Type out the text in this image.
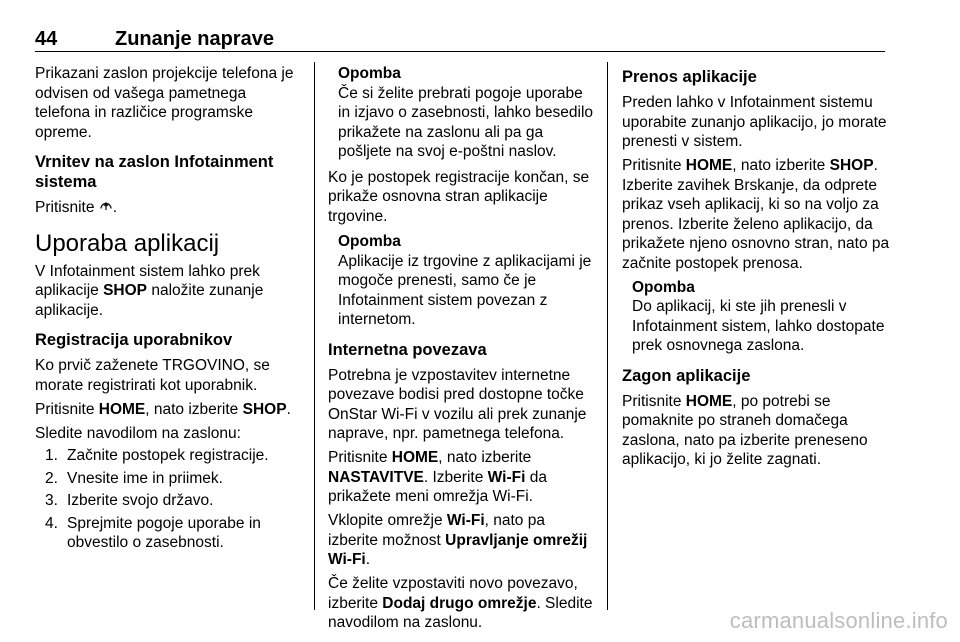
44	Zunanje naprave

Prikazani zaslon projekcije telefona je odvisen od vašega pametnega telefona in različice programske opreme.

Vrnitev na zaslon Infotainment sistema

Pritisnite .

Uporaba aplikacij

V Infotainment sistem lahko prek aplikacije SHOP naložite zunanje aplikacije.

Registracija uporabnikov

Ko prvič zaženete TRGOVINO, se morate registrirati kot uporabnik.

Pritisnite HOME, nato izberite SHOP.

Sledite navodilom na zaslonu:

1. Začnite postopek registracije.
2. Vnesite ime in priimek.
3. Izberite svojo državo.
4. Sprejmite pogoje uporabe in obvestilo o zasebnosti.
Opomba
Če si želite prebrati pogoje uporabe in izjavo o zasebnosti, lahko besedilo prikažete na zaslonu ali pa ga pošljete na svoj e-poštni naslov.

Ko je postopek registracije končan, se prikaže osnovna stran aplikacije trgovine.

Opomba
Aplikacije iz trgovine z aplikacijami je mogoče prenesti, samo če je Infotainment sistem povezan z internetom.
Internetna povezava

Potrebna je vzpostavitev internetne povezave bodisi pred dostopne točke OnStar Wi-Fi v vozilu ali prek zunanje naprave, npr. pametnega telefona.

Pritisnite HOME, nato izberite NASTAVITVE. Izberite Wi-Fi da prikažete meni omrežja Wi-Fi.

Vklopite omrežje Wi-Fi, nato pa izberite možnost Upravljanje omrežij Wi-Fi.

Če želite vzpostaviti novo povezavo, izberite Dodaj drugo omrežje. Sledite navodilom na zaslonu.

Prenos aplikacije

Preden lahko v Infotainment sistemu uporabite zunanjo aplikacijo, jo morate prenesti v sistem.

Pritisnite HOME, nato izberite SHOP. Izberite zavihek Brskanje, da odprete prikaz vseh aplikacij, ki so na voljo za prenos. Izberite želeno aplikacijo, da prikažete njeno osnovno stran, nato pa začnite postopek prenosa.

Opomba
Do aplikacij, ki ste jih prenesli v Infotainment sistem, lahko dostopate prek osnovnega zaslona.
Zagon aplikacije

Pritisnite HOME, po potrebi se pomaknite po straneh domačega zaslona, nato pa izberite preneseno aplikacijo, ki jo želite zagnati.

carmanualsonline.info
